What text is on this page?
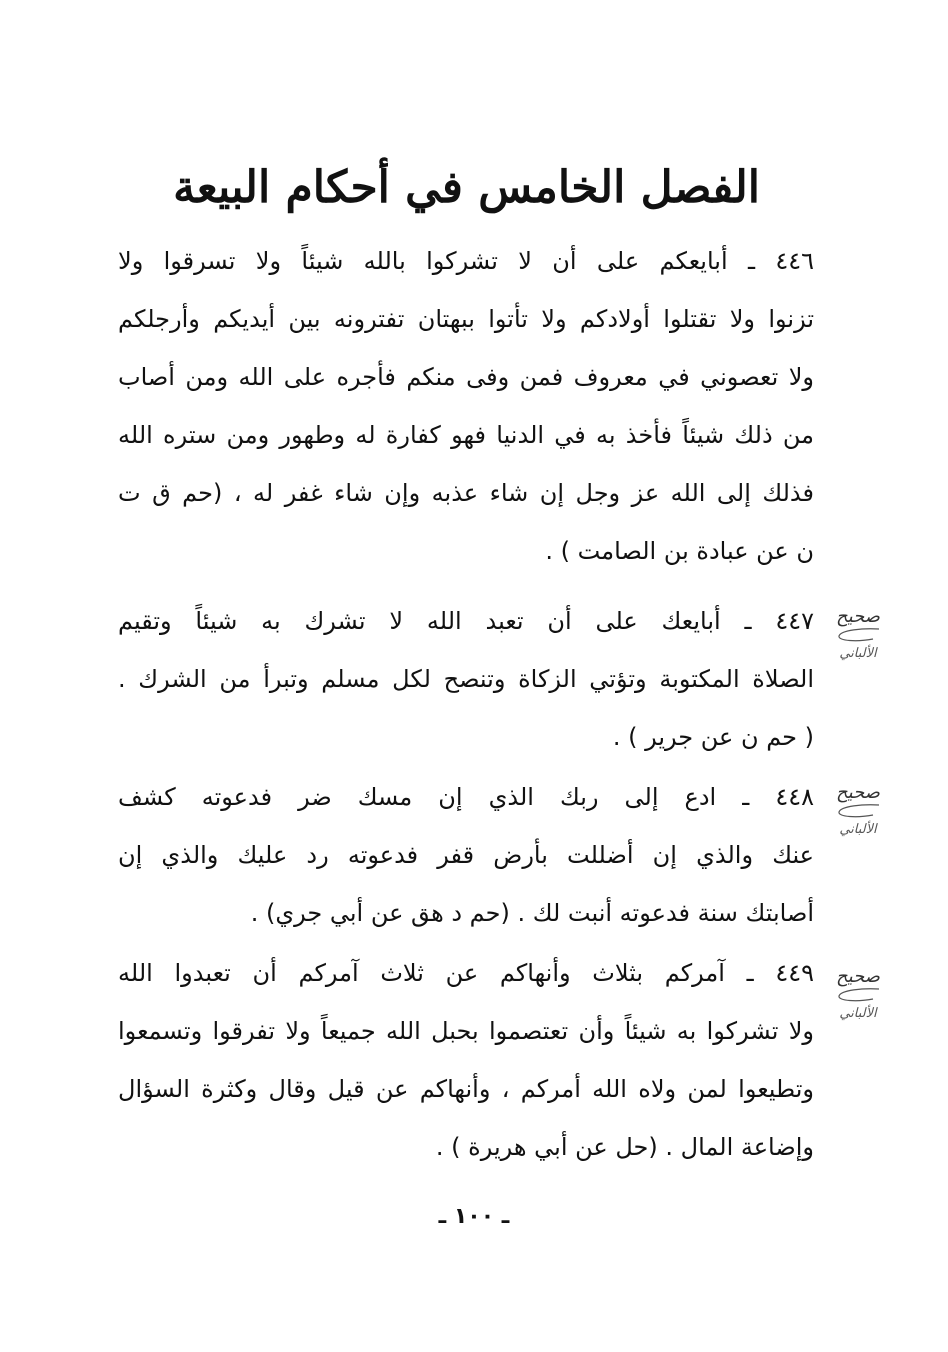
الفصل الخامس في أحكام البيعة
٤٤٦ ـ أبايعكم على أن لا تشركوا بالله شيئاً ولا تسرقوا ولا
تزنوا ولا تقتلوا أولادكم ولا تأتوا ببهتان تفترونه بين أيديكم وأرجلكم
ولا تعصوني في معروف فمن وفى منكم فأجره على الله ومن أصاب
من ذلك شيئاً فأخذ به في الدنيا فهو كفارة له وطهور ومن ستره الله
فذلك إلى الله عز وجل إن شاء عذبه وإن شاء غفر له ، (حم ق ت
ن عن عبادة بن الصامت ) .
٤٤٧ ـ أبايعك على أن تعبد الله لا تشرك به شيئاً وتقيم
الصلاة المكتوبة وتؤتي الزكاة وتنصح لكل مسلم وتبرأ من الشرك .
( حم ن عن جرير ) .
صحيح
الألباني
٤٤٨ ـ ادع إلى ربك الذي إن مسك ضر فدعوته كشف
عنك والذي إن أضللت بأرض قفر فدعوته رد عليك والذي إن
أصابتك سنة فدعوته أنبت لك . (حم د هق عن أبي جري) .
صحيح
الألباني
٤٤٩ ـ آمركم بثلاث وأنهاكم عن ثلاث آمركم أن تعبدوا الله
ولا تشركوا به شيئاً وأن تعتصموا بحبل الله جميعاً ولا تفرقوا وتسمعوا
وتطيعوا لمن ولاه الله أمركم ، وأنهاكم عن قيل وقال وكثرة السؤال
وإضاعة المال . (حل عن أبي هريرة ) .
صحيح
الألباني
ـ ١٠٠ ـ
